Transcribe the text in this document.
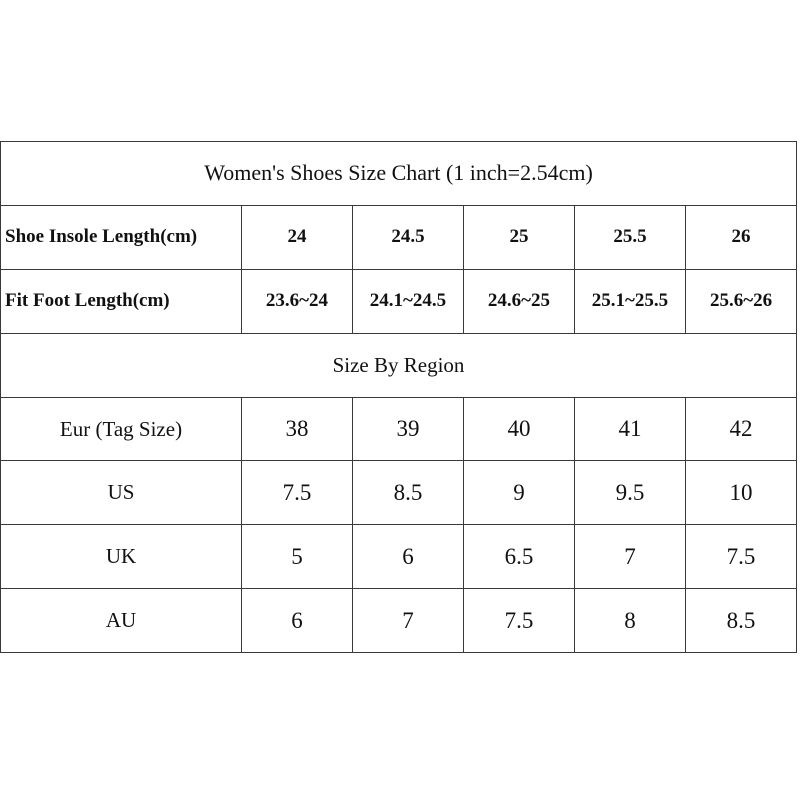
Women's Shoes Size Chart (1 inch=2.54cm)					
Shoe Insole Length(cm)	24	24.5	25	25.5	26
Fit Foot Length(cm)	23.6~24	24.1~24.5	24.6~25	25.1~25.5	25.6~26
Size By Region					
Eur (Tag Size)	38	39	40	41	42
US	7.5	8.5	9	9.5	10
UK	5	6	6.5	7	7.5
AU	6	7	7.5	8	8.5
